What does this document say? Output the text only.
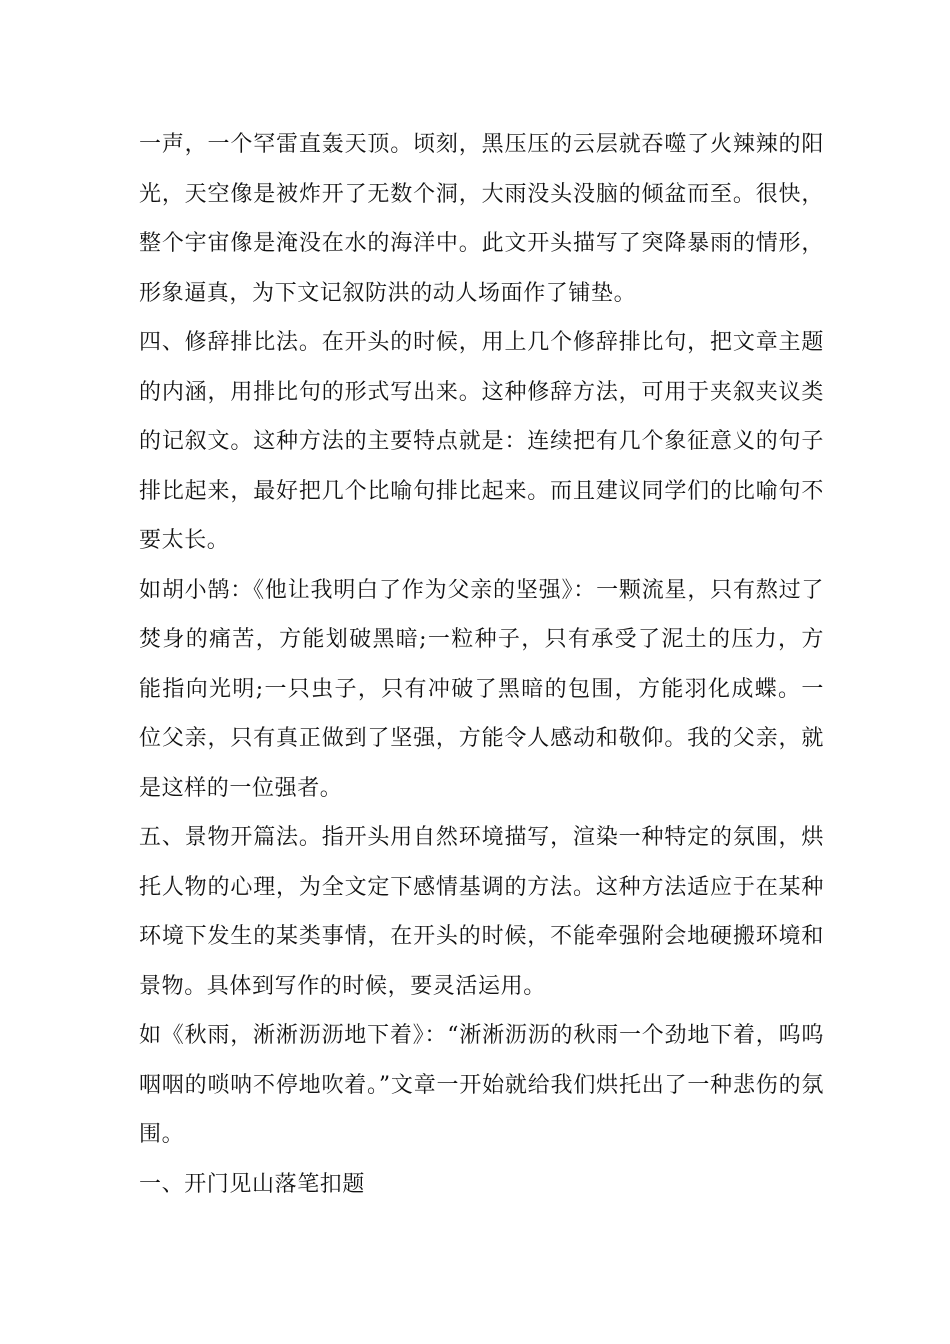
一声，一个罕雷直轰天顶。顷刻，黑压压的云层就吞噬了火辣辣的阳光，天空像是被炸开了无数个洞，大雨没头没脑的倾盆而至。很快，整个宇宙像是淹没在水的海洋中。此文开头描写了突降暴雨的情形，形象逼真，为下文记叙防洪的动人场面作了铺垫。

四、修辞排比法。在开头的时候，用上几个修辞排比句，把文章主题的内涵，用排比句的形式写出来。这种修辞方法，可用于夹叙夹议类的记叙文。这种方法的主要特点就是：连续把有几个象征意义的句子排比起来，最好把几个比喻句排比起来。而且建议同学们的比喻句不要太长。

如胡小鹄：《他让我明白了作为父亲的坚强》：一颗流星，只有熬过了焚身的痛苦，方能划破黑暗;一粒种子，只有承受了泥土的压力，方能指向光明;一只虫子，只有冲破了黑暗的包围，方能羽化成蝶。一位父亲，只有真正做到了坚强，方能令人感动和敬仰。我的父亲，就是这样的一位强者。

五、景物开篇法。指开头用自然环境描写，渲染一种特定的氛围，烘托人物的心理，为全文定下感情基调的方法。这种方法适应于在某种环境下发生的某类事情，在开头的时候，不能牵强附会地硬搬环境和景物。具体到写作的时候，要灵活运用。

如《秋雨，淅淅沥沥地下着》：“淅淅沥沥的秋雨一个劲地下着，呜呜咽咽的唢呐不停地吹着。”文章一开始就给我们烘托出了一种悲伤的氛围。

一、开门见山落笔扣题
